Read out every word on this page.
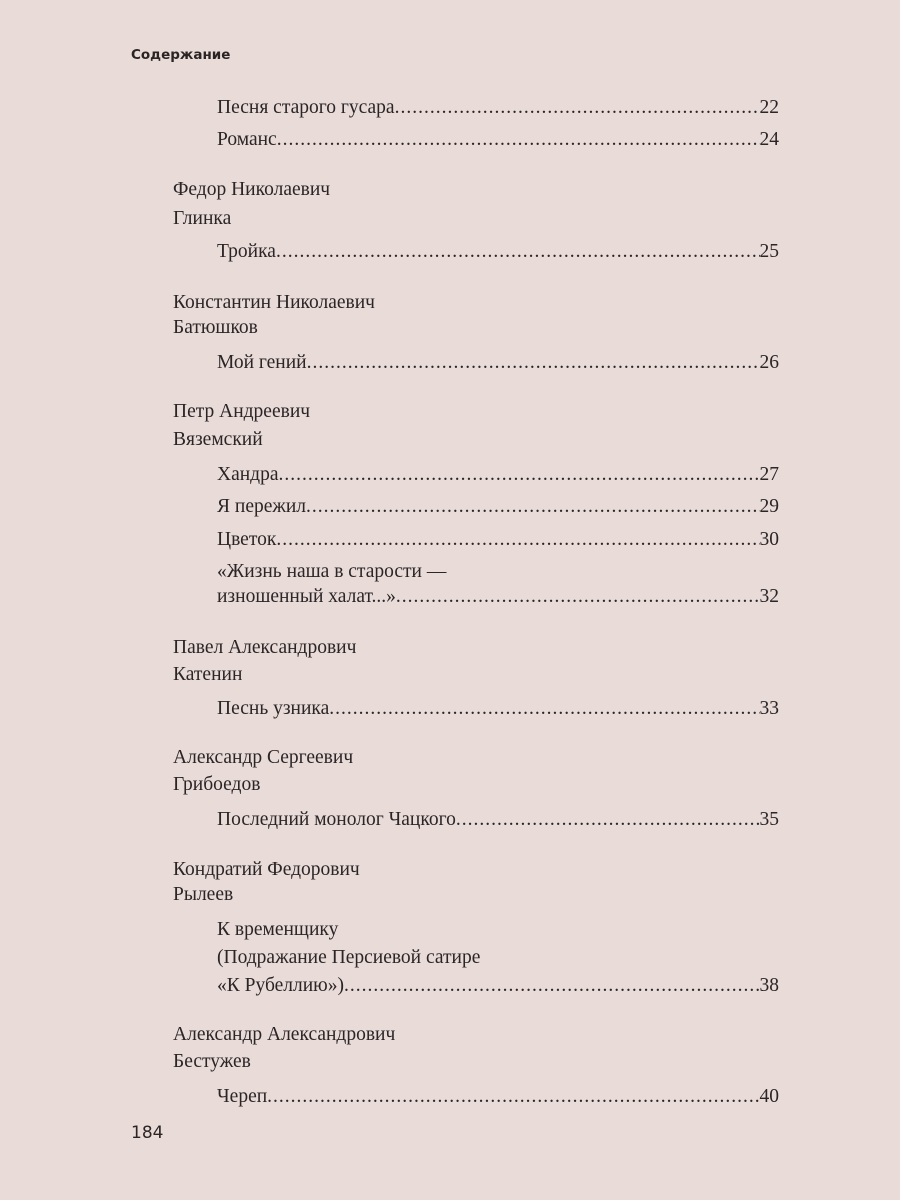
Содержание
Песня старого гусара .....	22
Романс .....	24
Федор Николаевич
Глинка
Тройка .....	25
Константин Николаевич
Батюшков
Мой гений .....	26
Петр Андреевич
Вяземский
Хандра .....	27
Я пережил .....	29
Цветок .....	30
«Жизнь наша в старости —
изношенный халат...» .....	32
Павел Александрович
Катенин
Песнь узника .....	33
Александр Сергеевич
Грибоедов
Последний монолог Чацкого .....	35
Кондратий Федорович
Рылеев
К временщику
(Подражание Персиевой сатире
«К Рубеллию») .....	38
Александр Александрович
Бестужев
Череп .....	40
184
